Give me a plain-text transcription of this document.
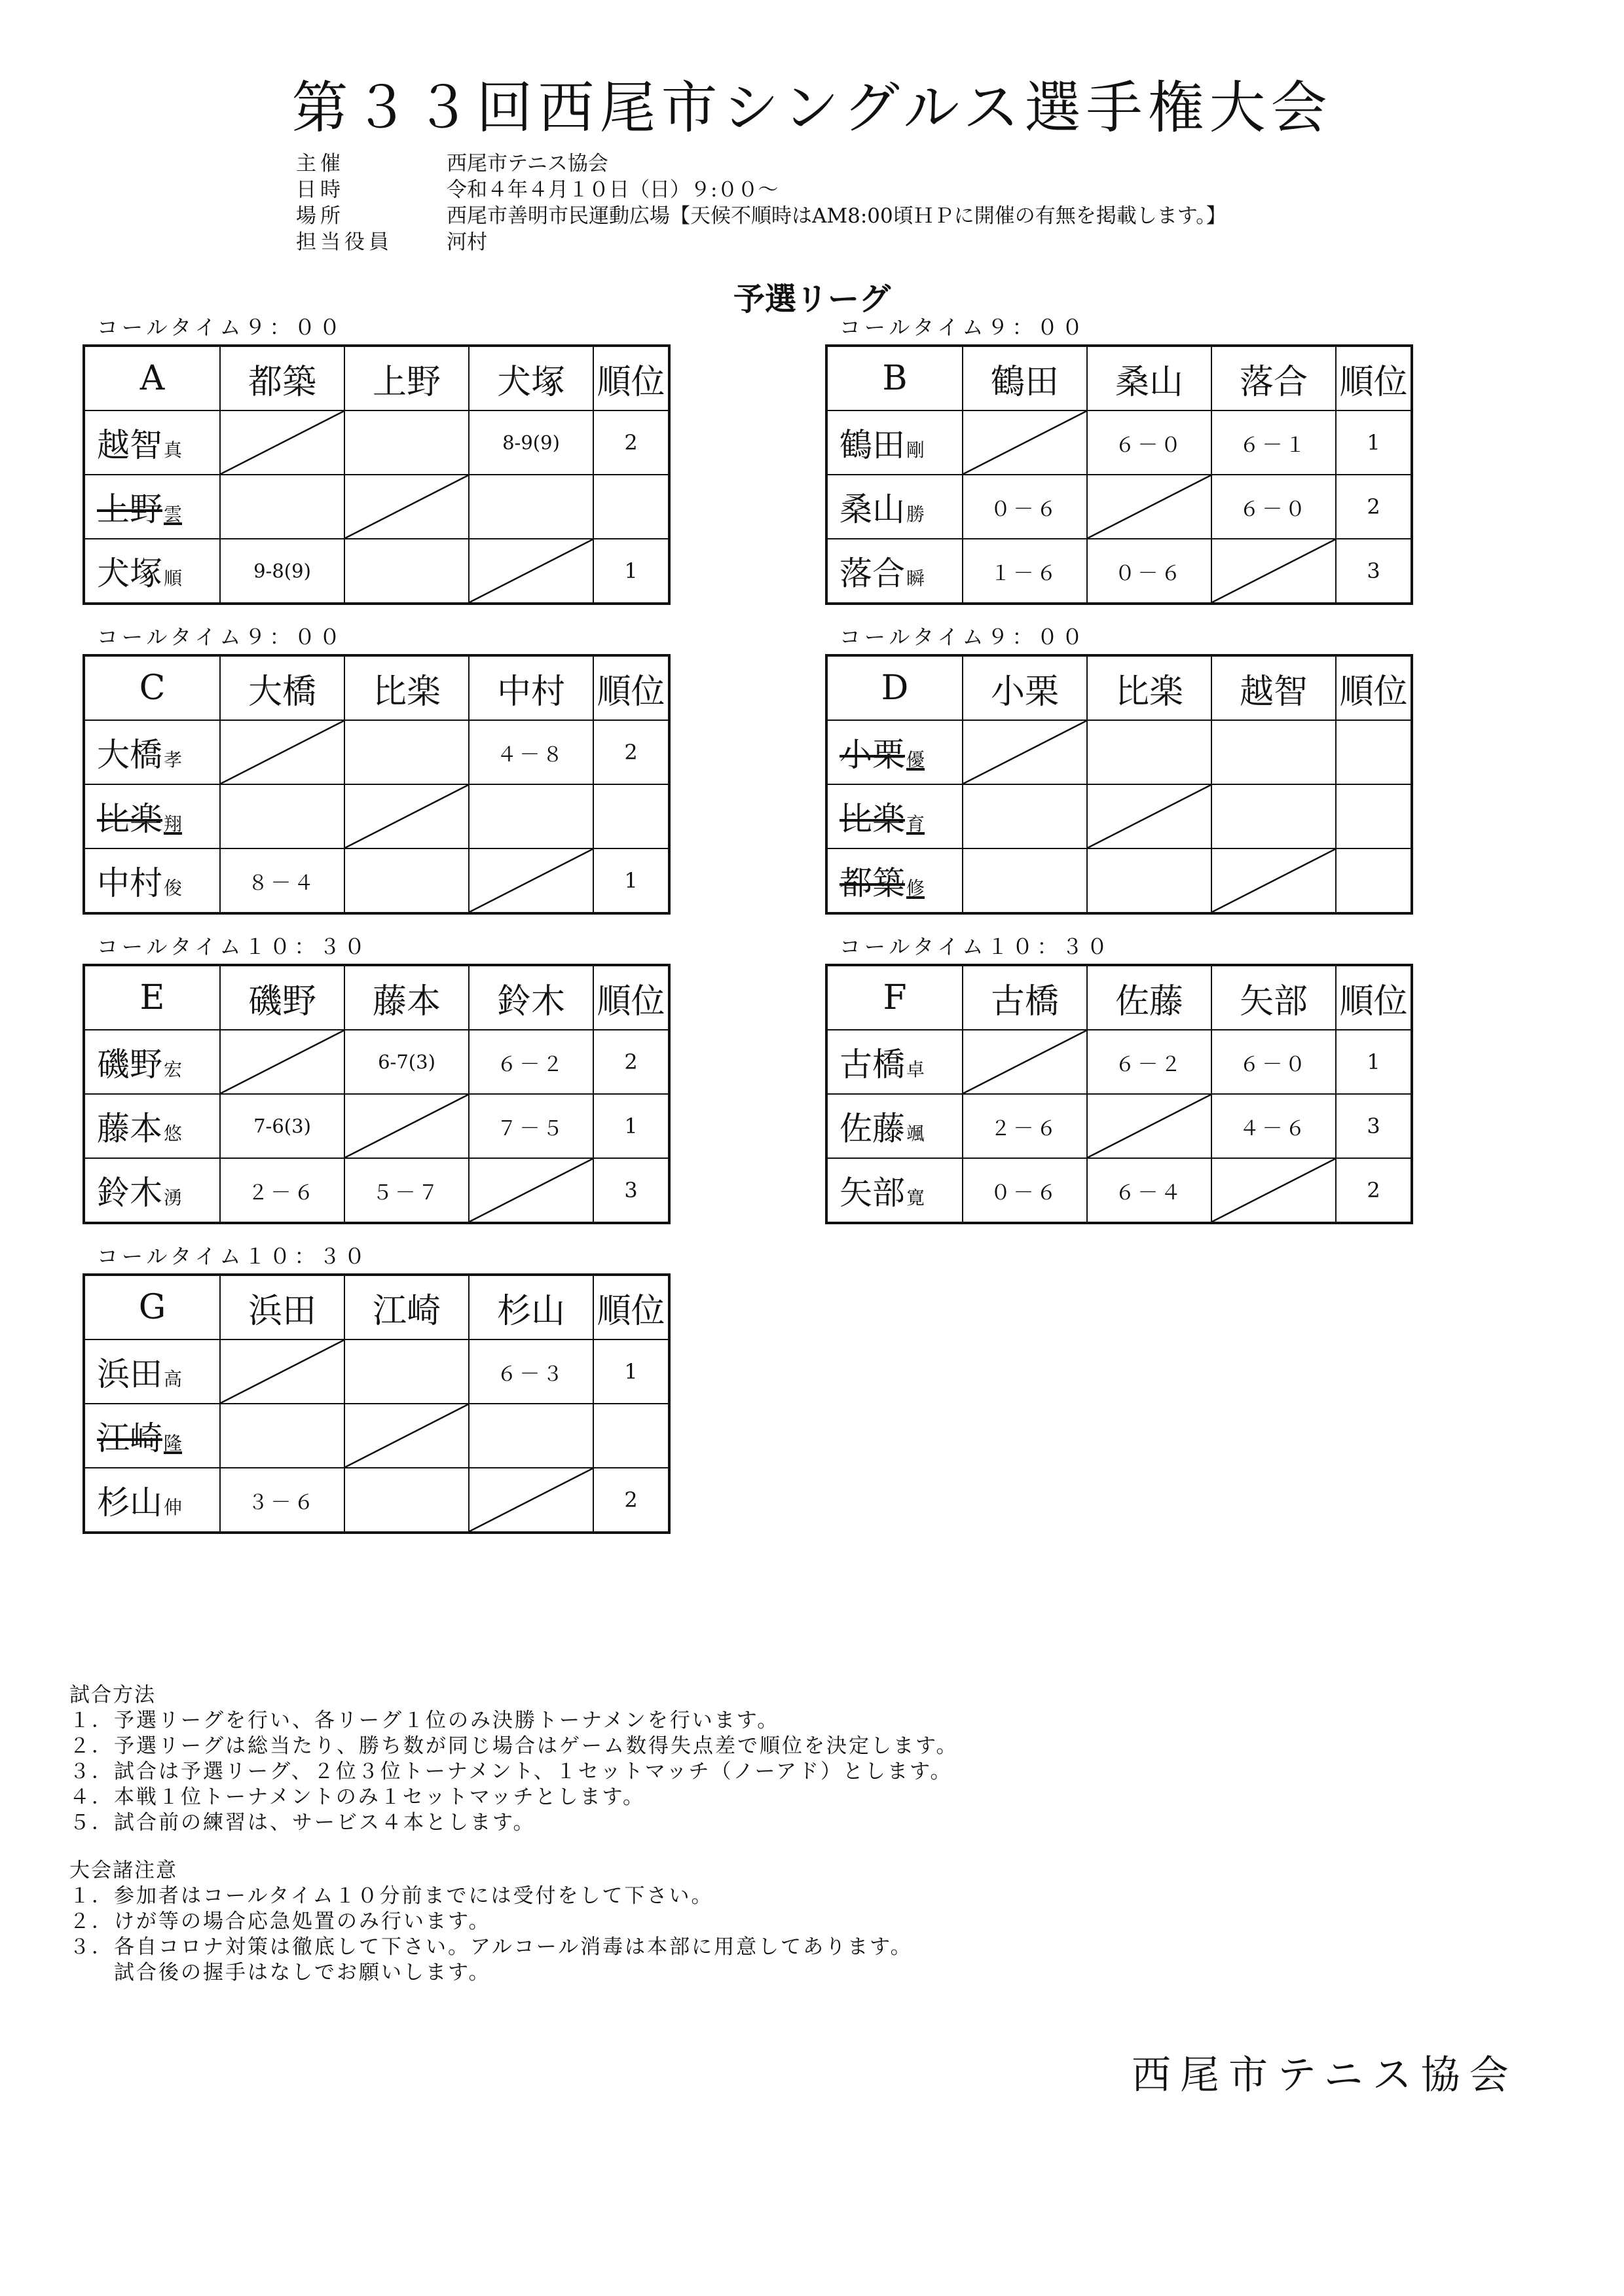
第３３回西尾市シングルス選手権大会
主催	西尾市テニス協会
日時	令和４年４月１０日（日）９:００～
場所	西尾市善明市民運動広場【天候不順時はAM8:00頃ＨＰに開催の有無を掲載します。】
担当役員	河村
予選リーグ
コールタイム９：００
A	都築	上野	犬塚	順位
越智真			8-9(9)	2
上野雲				
犬塚順	9-8(9)			1
コールタイム９：００
B	鶴田	桑山	落合	順位
鶴田剛		６－０	６－１	1
桑山勝	０－６		６－０	2
落合瞬	１－６	０－６		3
コールタイム９：００
C	大橋	比楽	中村	順位
大橋孝			４－８	2
比楽翔				
中村俊	８－４			1
コールタイム９：００
D	小栗	比楽	越智	順位
小栗優				
比楽育				
都築修				
コールタイム１０：３０
E	磯野	藤本	鈴木	順位
磯野宏		6-7(3)	６－２	2
藤本悠	7-6(3)		７－５	1
鈴木湧	２－６	５－７		3
コールタイム１０：３０
F	古橋	佐藤	矢部	順位
古橋卓		６－２	６－０	1
佐藤颯	２－６		４－６	3
矢部寛	０－６	６－４		2
コールタイム１０：３０
G	浜田	江崎	杉山	順位
浜田高			６－３	1
江崎隆				
杉山伸	３－６			2
試合方法
１．予選リーグを行い、各リーグ１位のみ決勝トーナメンを行います。
２．予選リーグは総当たり、勝ち数が同じ場合はゲーム数得失点差で順位を決定します。
３．試合は予選リーグ、２位３位トーナメント、１セットマッチ（ノーアド）とします。
４．本戦１位トーナメントのみ１セットマッチとします。
５．試合前の練習は、サービス４本とします。
大会諸注意
１．参加者はコールタイム１０分前までには受付をして下さい。
２．けが等の場合応急処置のみ行います。
３．各自コロナ対策は徹底して下さい。アルコール消毒は本部に用意してあります。
　　試合後の握手はなしでお願いします。
西尾市テニス協会
